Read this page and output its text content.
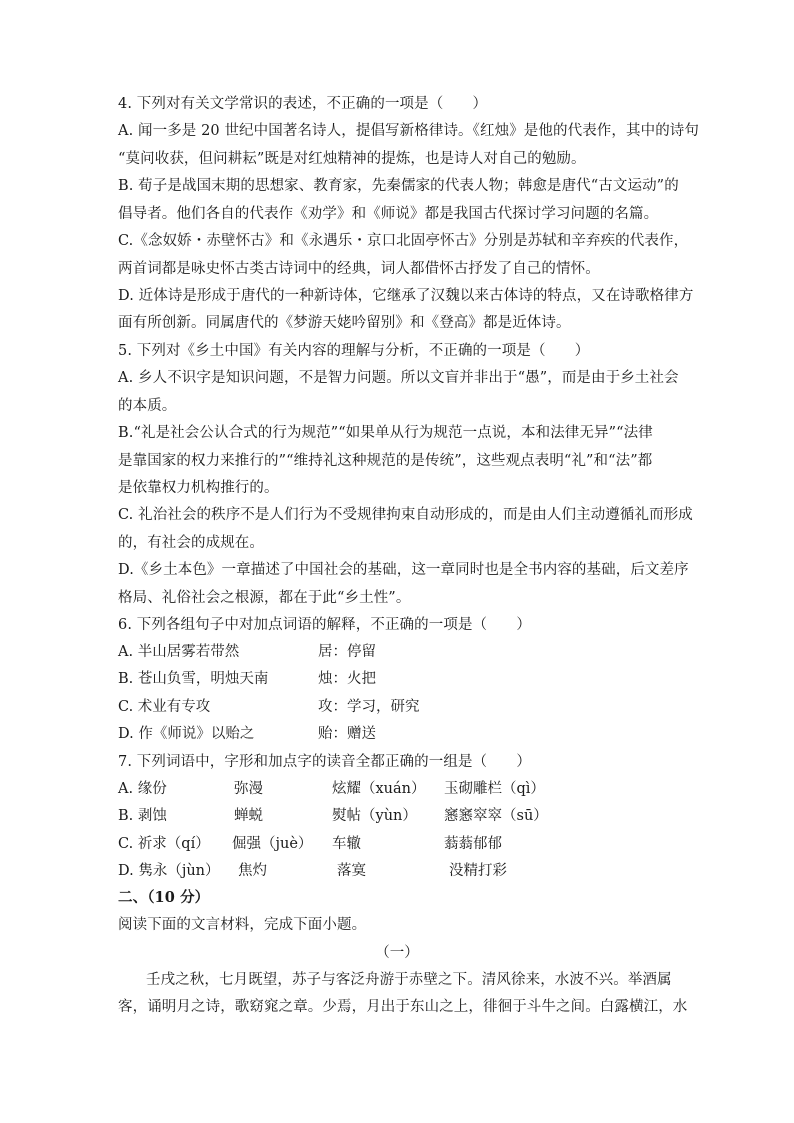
4. 下列对有关文学常识的表述，不正确的一项是（　　）
A. 闻一多是 20 世纪中国著名诗人，提倡写新格律诗。《红烛》是他的代表作，其中的诗句
“莫问收获，但问耕耘”既是对红烛精神的提炼，也是诗人对自己的勉励。
B. 荀子是战国末期的思想家、教育家，先秦儒家的代表人物；韩愈是唐代“古文运动”的
倡导者。他们各自的代表作《劝学》和《师说》都是我国古代探讨学习问题的名篇。
C.《念奴娇・赤壁怀古》和《永遇乐・京口北固亭怀古》分别是苏轼和辛弃疾的代表作，
两首词都是咏史怀古类古诗词中的经典，词人都借怀古抒发了自己的情怀。
D. 近体诗是形成于唐代的一种新诗体，它继承了汉魏以来古体诗的特点，又在诗歌格律方
面有所创新。同属唐代的《梦游天姥吟留别》和《登高》都是近体诗。
5. 下列对《乡土中国》有关内容的理解与分析，不正确的一项是（　　）
A. 乡人不识字是知识问题，不是智力问题。所以文盲并非出于“愚”，而是由于乡土社会
的本质。
B.“礼是社会公认合式的行为规范”“如果单从行为规范一点说，本和法律无异”“法律
是靠国家的权力来推行的”“维持礼这种规范的是传统”，这些观点表明“礼”和“法”都
是依靠权力机构推行的。
C. 礼治社会的秩序不是人们行为不受规律拘束自动形成的，而是由人们主动遵循礼而形成
的，有社会的成规在。
D.《乡土本色》一章描述了中国社会的基础，这一章同时也是全书内容的基础，后文差序
格局、礼俗社会之根源，都在于此“乡土性”。
6. 下列各组句子中对加点词语的解释，不正确的一项是（　　）
A. 半山居雾若带然	居：停留
B. 苍山负雪，明烛天南	烛：火把
C. 术业有专攻	攻：学习，研究
D. 作《师说》以贻之	贻：赠送
7. 下列词语中，字形和加点字的读音全都正确的一组是（　　）
A. 缘份	弥漫	炫耀（xuán） 玉砌雕栏（qì）
B. 剥蚀	蝉蜕	熨帖（yùn） 窸窸窣窣（sū）
C. 祈求（qí） 倔强（juè） 车辙	蓊蓊郁郁
D. 隽永（jùn） 焦灼	落寞	没精打彩
二、（10 分）
阅读下面的文言材料，完成下面小题。
（一）
壬戌之秋，七月既望，苏子与客泛舟游于赤壁之下。清风徐来，水波不兴。举酒属
客，诵明月之诗，歌窈窕之章。少焉，月出于东山之上，徘徊于斗牛之间。白露横江，水
